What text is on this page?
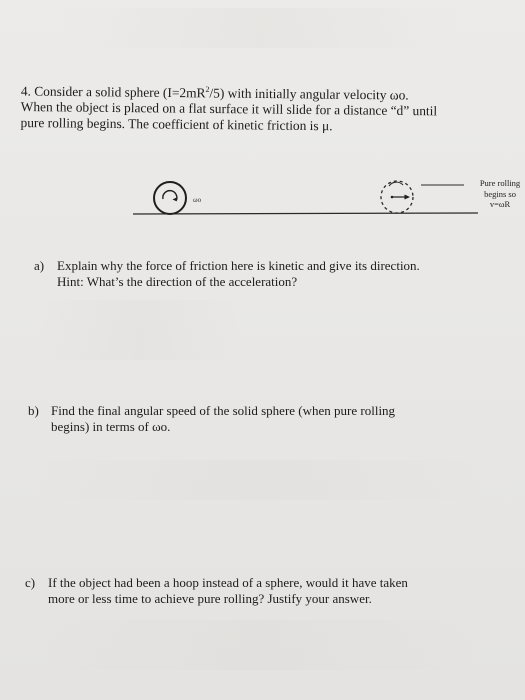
4. Consider a solid sphere $(I=2mR^2/5)$ with initially angular velocity ωo.

When the object is placed on a flat surface it will slide for a distance “d” until

pure rolling begins. The coefficient of kinetic friction is μ.

ωo
Pure rolling
begins so
v=ωR
a) Explain why the force of friction here is kinetic and give its direction.

Hint: What’s the direction of the acceleration?

b) Find the final angular speed of the solid sphere (when pure rolling

begins) in terms of ωo.

c) If the object had been a hoop instead of a sphere, would it have taken

more or less time to achieve pure rolling? Justify your answer.
